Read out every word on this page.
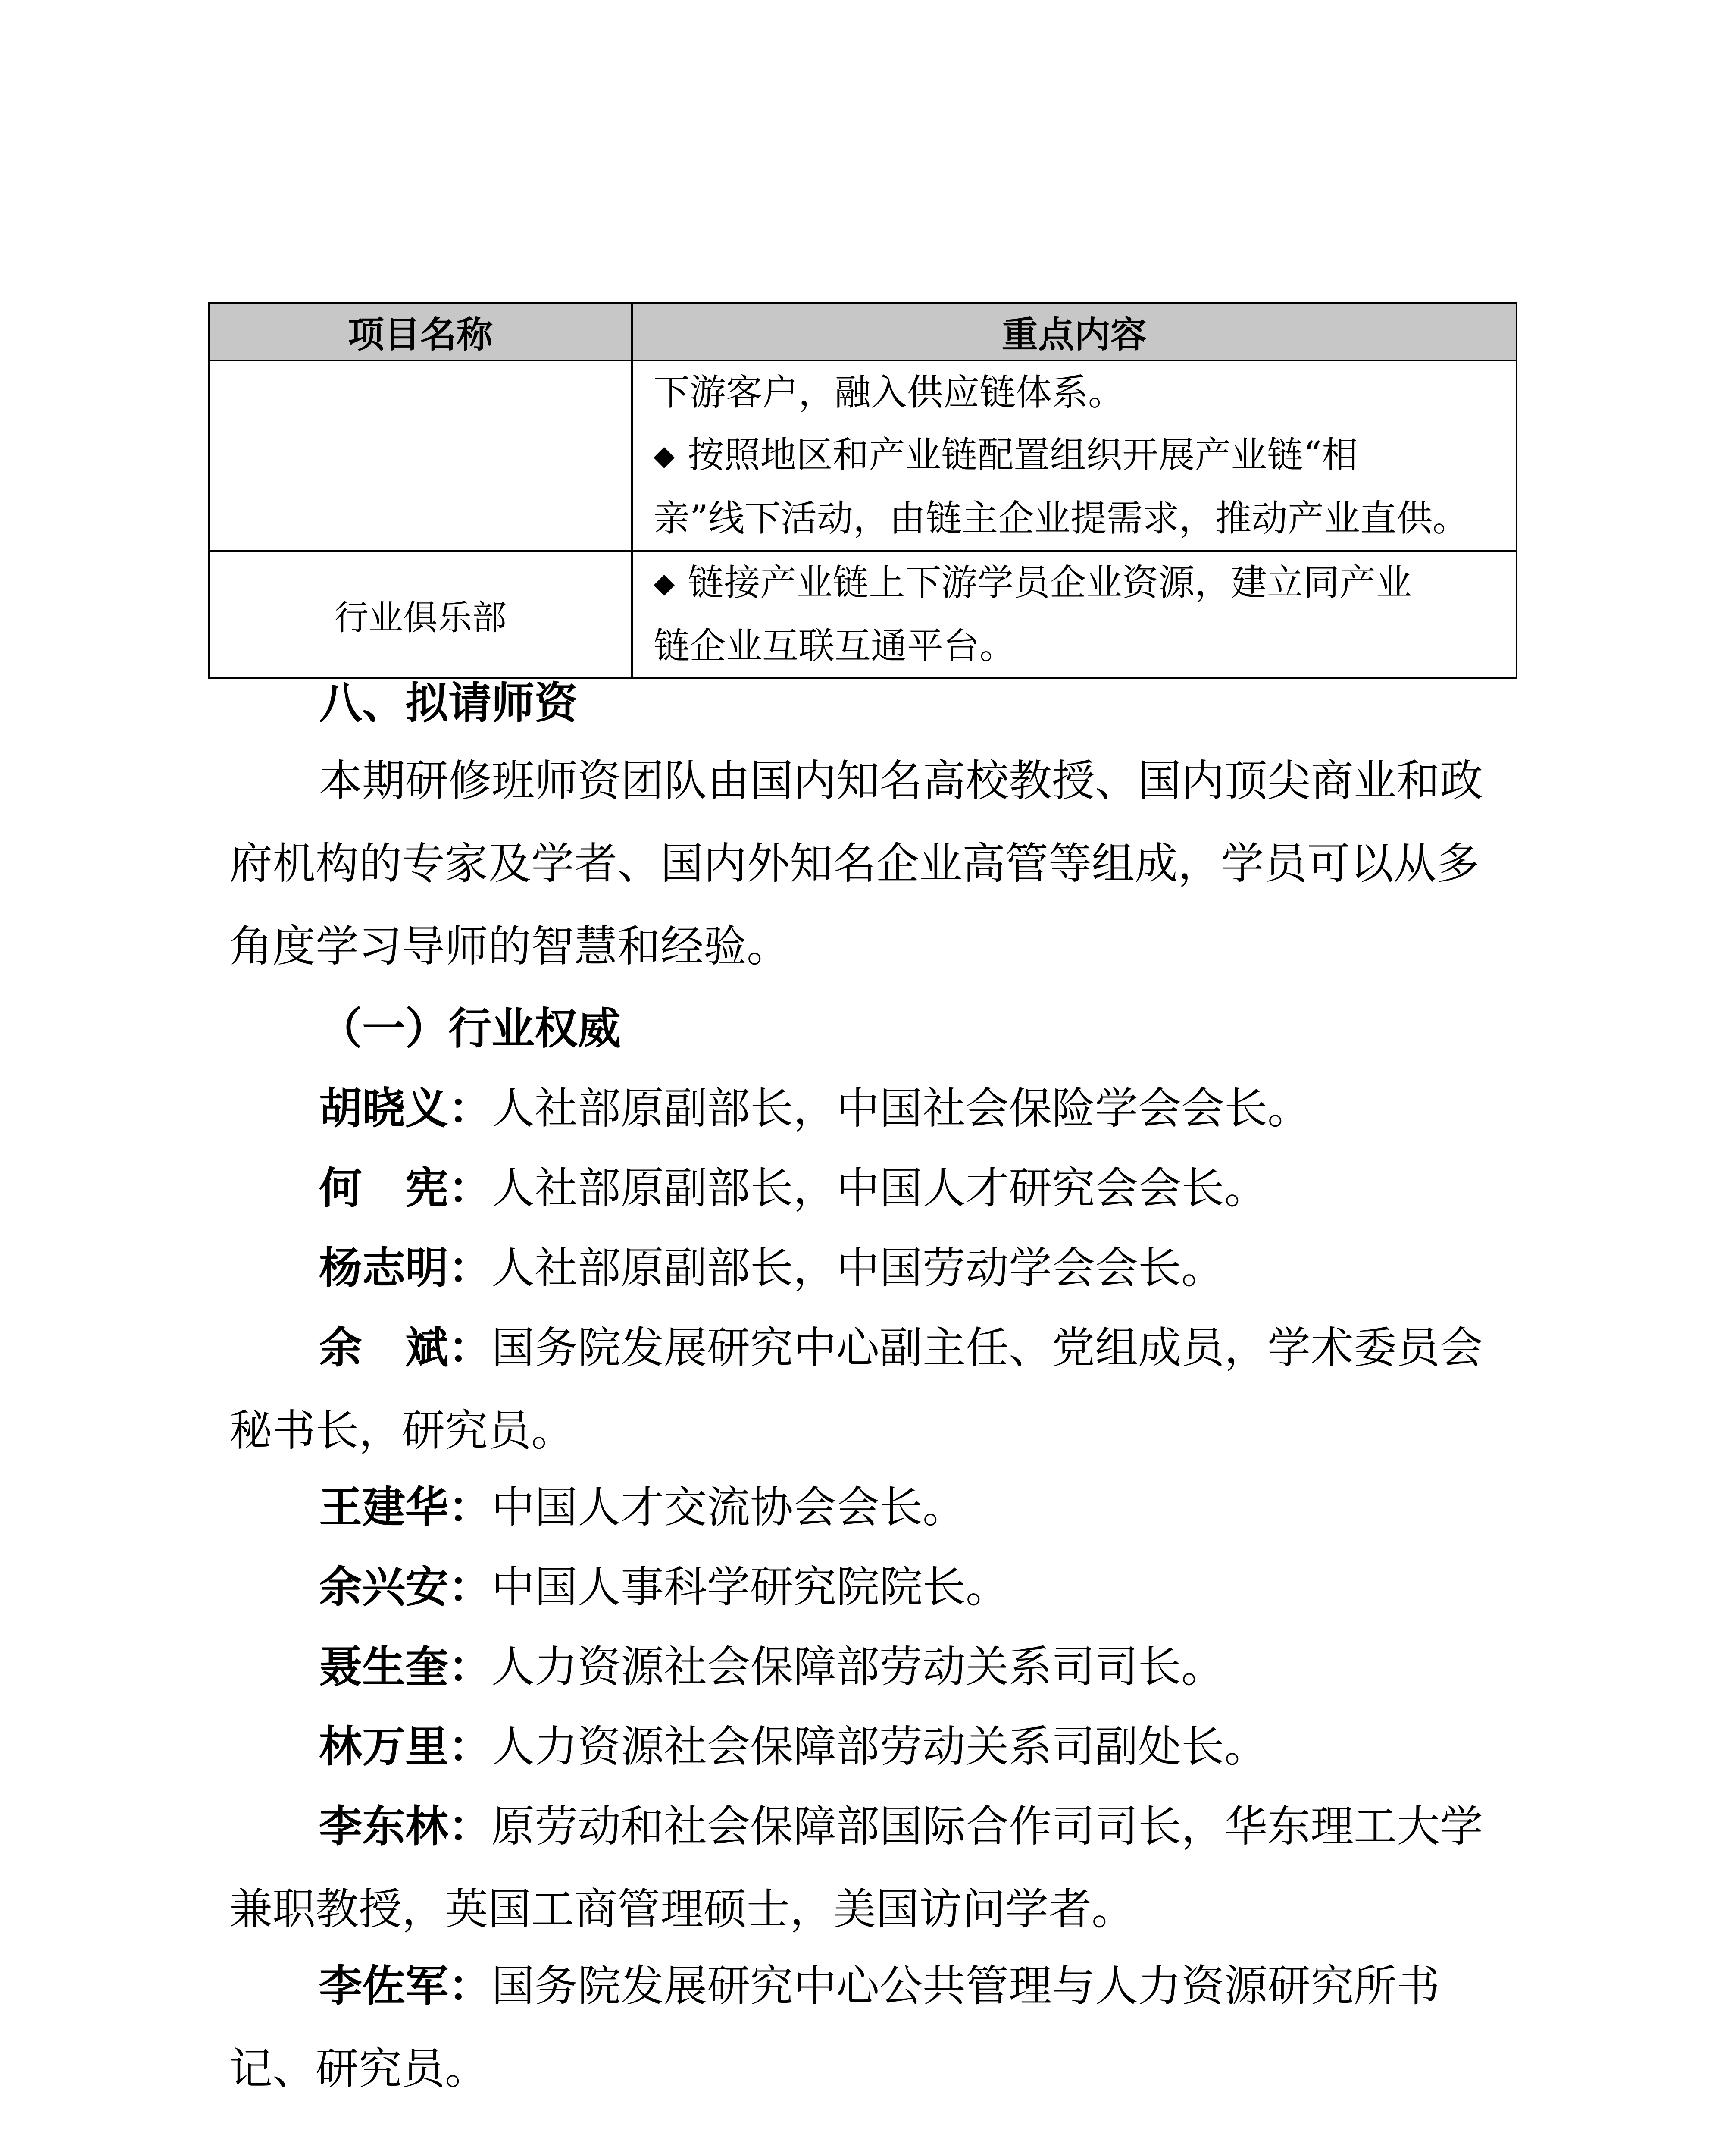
项目名称	重点内容

	下游客户，融入供应链体系。
◆ 按照地区和产业链配置组织开展产业链“相
亲”线下活动，由链主企业提需求，推动产业直供。

行业俱乐部	◆ 链接产业链上下游学员企业资源，建立同产业
链企业互联互通平台。
八、拟请师资
本期研修班师资团队由国内知名高校教授、国内顶尖商业和政府机构的专家及学者、国内外知名企业高管等组成，学员可以从多角度学习导师的智慧和经验。
（一）行业权威
胡晓义：人社部原副部长，中国社会保险学会会长。
何　宪：人社部原副部长，中国人才研究会会长。
杨志明：人社部原副部长，中国劳动学会会长。
余　斌：国务院发展研究中心副主任、党组成员，学术委员会秘书长，研究员。
王建华：中国人才交流协会会长。
余兴安：中国人事科学研究院院长。
聂生奎：人力资源社会保障部劳动关系司司长。
林万里：人力资源社会保障部劳动关系司副处长。
李东林：原劳动和社会保障部国际合作司司长，华东理工大学兼职教授，英国工商管理硕士，美国访问学者。
李佐军：国务院发展研究中心公共管理与人力资源研究所书记、研究员。
